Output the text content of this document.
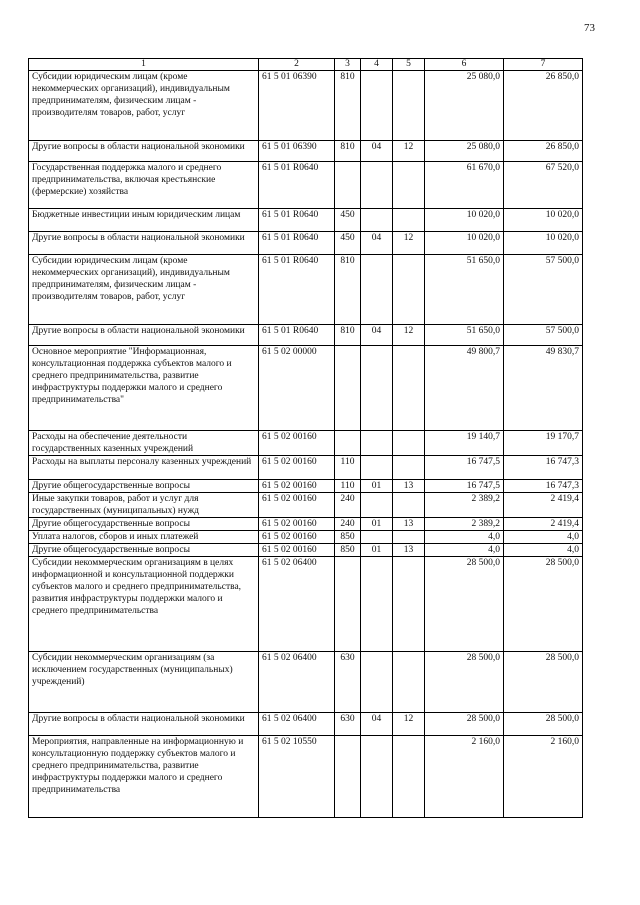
73
1	2	3	4	5	6	7
Субсидии юридическим лицам (кроме некоммерческих организаций), индивидуальным предпринимателям, физическим лицам - производителям товаров, работ, услуг	61 5 01 06390	810			25 080,0	26 850,0
Другие вопросы в области национальной экономики	61 5 01 06390	810	04	12	25 080,0	26 850,0
Государственная поддержка малого и среднего предпринимательства, включая крестьянские (фермерские) хозяйства	61 5 01 R0640				61 670,0	67 520,0
Бюджетные инвестиции иным юридическим лицам	61 5 01 R0640	450			10 020,0	10 020,0
Другие вопросы в области национальной экономики	61 5 01 R0640	450	04	12	10 020,0	10 020,0
Субсидии юридическим лицам (кроме некоммерческих организаций), индивидуальным предпринимателям, физическим лицам - производителям товаров, работ, услуг	61 5 01 R0640	810			51 650,0	57 500,0
Другие вопросы в области национальной экономики	61 5 01 R0640	810	04	12	51 650,0	57 500,0
Основное мероприятие "Информационная, консультационная поддержка субъектов малого и среднего предпринимательства, развитие инфраструктуры поддержки малого и среднего предпринимательства"	61 5 02 00000				49 800,7	49 830,7
Расходы на обеспечение деятельности государственных казенных учреждений	61 5 02 00160				19 140,7	19 170,7
Расходы на выплаты персоналу казенных учреждений	61 5 02 00160	110			16 747,5	16 747,3
Другие общегосударственные вопросы	61 5 02 00160	110	01	13	16 747,5	16 747,3
Иные закупки товаров, работ и услуг для государственных (муниципальных) нужд	61 5 02 00160	240			2 389,2	2 419,4
Другие общегосударственные вопросы	61 5 02 00160	240	01	13	2 389,2	2 419,4
Уплата налогов, сборов и иных платежей	61 5 02 00160	850			4,0	4,0
Другие общегосударственные вопросы	61 5 02 00160	850	01	13	4,0	4,0
Субсидии некоммерческим организациям в целях информационной и консультационной поддержки субъектов малого и среднего предпринимательства, развития инфраструктуры поддержки малого и среднего предпринимательства	61 5 02 06400				28 500,0	28 500,0
Субсидии некоммерческим организациям (за исключением государственных (муниципальных) учреждений)	61 5 02 06400	630			28 500,0	28 500,0
Другие вопросы в области национальной экономики	61 5 02 06400	630	04	12	28 500,0	28 500,0
Мероприятия, направленные на информационную и консультационную поддержку субъектов малого и среднего предпринимательства, развитие инфраструктуры поддержки малого и среднего предпринимательства	61 5 02 10550				2 160,0	2 160,0
